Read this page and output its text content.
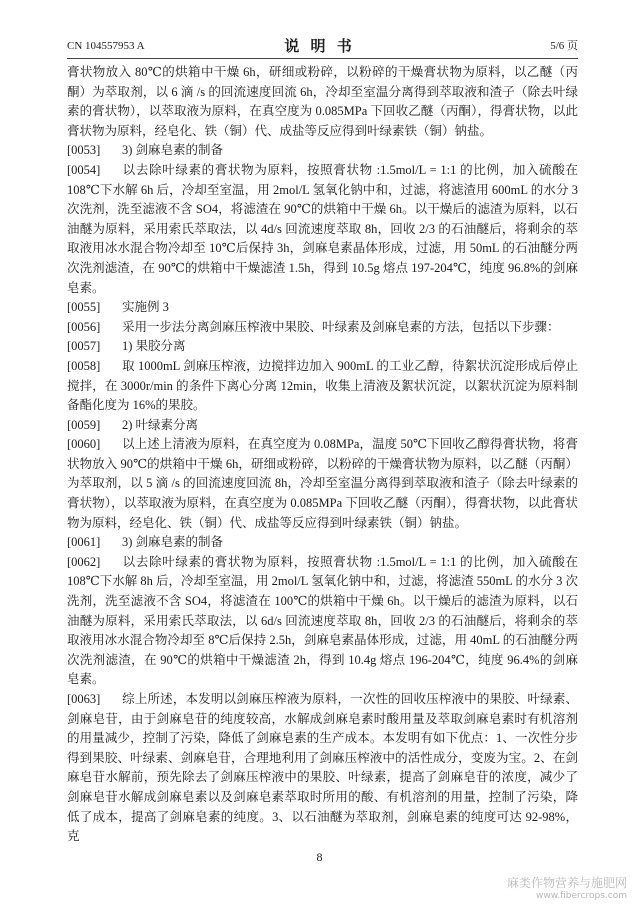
CN 104557953 A	说 明 书	5/6 页

膏状物放入 80℃的烘箱中干燥 6h，研细或粉碎，以粉碎的干燥膏状物为原料，以乙醚（丙酮）为萃取剂，以 6 滴 /s 的回流速度回流 6h，冷却至室温分离得到萃取液和渣子（除去叶绿素的膏状物），以萃取液为原料，在真空度为 0.085MPa 下回收乙醚（丙酮），得膏状物，以此膏状物为原料，经皂化、铁（铜）代、成盐等反应得到叶绿素铁（铜）钠盐。

[0053] 3) 剑麻皂素的制备

[0054] 以去除叶绿素的膏状物为原料，按照膏状物 :1.5mol/L = 1:1 的比例，加入硫酸在 108℃下水解 6h 后，冷却至室温，用 2mol/L 氢氧化钠中和，过滤，将滤渣用 600mL 的水分 3 次洗剂，洗至滤液不含 SO4，将滤渣在 90℃的烘箱中干燥 6h。以干燥后的滤渣为原料，以石油醚为原料，采用索氏萃取法，以 4d/s 回流速度萃取 8h，回收 2/3 的石油醚后，将剩余的萃取液用冰水混合物冷却至 10℃后保持 3h，剑麻皂素晶体形成，过滤，用 50mL 的石油醚分两次洗剂滤渣，在 90℃的烘箱中干燥滤渣 1.5h，得到 10.5g 熔点 197-204℃，纯度 96.8%的剑麻皂素。

[0055] 实施例 3

[0056] 采用一步法分离剑麻压榨液中果胶、叶绿素及剑麻皂素的方法，包括以下步骤：

[0057] 1) 果胶分离

[0058] 取 1000mL 剑麻压榨液，边搅拌边加入 900mL 的工业乙醇，待絮状沉淀形成后停止搅拌，在 3000r/min 的条件下离心分离 12min，收集上清液及絮状沉淀，以絮状沉淀为原料制备酯化度为 16%的果胶。

[0059] 2) 叶绿素分离

[0060] 以上述上清液为原料，在真空度为 0.08MPa，温度 50℃下回收乙醇得膏状物，将膏状物放入 90℃的烘箱中干燥 6h，研细或粉碎，以粉碎的干燥膏状物为原料，以乙醚（丙酮）为萃取剂，以 5 滴 /s 的回流速度回流 8h，冷却至室温分离得到萃取液和渣子（除去叶绿素的膏状物），以萃取液为原料，在真空度为 0.085MPa 下回收乙醚（丙酮），得膏状物，以此膏状物为原料，经皂化、铁（铜）代、成盐等反应得到叶绿素铁（铜）钠盐。

[0061] 3) 剑麻皂素的制备

[0062] 以去除叶绿素的膏状物为原料，按照膏状物 :1.5mol/L = 1:1 的比例，加入硫酸在 108℃下水解 8h 后，冷却至室温，用 2mol/L 氢氧化钠中和，过滤，将滤渣 550mL 的水分 3 次洗剂，洗至滤液不含 SO4，将滤渣在 100℃的烘箱中干燥 6h。以干燥后的滤渣为原料，以石油醚为原料，采用索氏萃取法，以 6d/s 回流速度萃取 8h，回收 2/3 的石油醚后，将剩余的萃取液用冰水混合物冷却至 8℃后保持 2.5h，剑麻皂素晶体形成，过滤，用 40mL 的石油醚分两次洗剂滤渣，在 90℃的烘箱中干燥滤渣 2h，得到 10.4g 熔点 196-204℃，纯度 96.4%的剑麻皂素。

[0063] 综上所述，本发明以剑麻压榨液为原料，一次性的回收压榨液中的果胶、叶绿素、剑麻皂苷，由于剑麻皂苷的纯度较高，水解成剑麻皂素时酸用量及萃取剑麻皂素时有机溶剂的用量减少，控制了污染，降低了剑麻皂素的生产成本。本发明有如下优点：1、一次性分步得到果胶、叶绿素、剑麻皂苷，合理地利用了剑麻压榨液中的活性成分，变废为宝。2、在剑麻皂苷水解前，预先除去了剑麻压榨液中的果胶、叶绿素，提高了剑麻皂苷的浓度，减少了剑麻皂苷水解成剑麻皂素以及剑麻皂素萃取时所用的酸、有机溶剂的用量，控制了污染，降低了成本，提高了剑麻皂素的纯度。3、以石油醚为萃取剂，剑麻皂素的纯度可达 92-98%，克

8
麻类作物营养与施肥网
www.fibercrops.com
